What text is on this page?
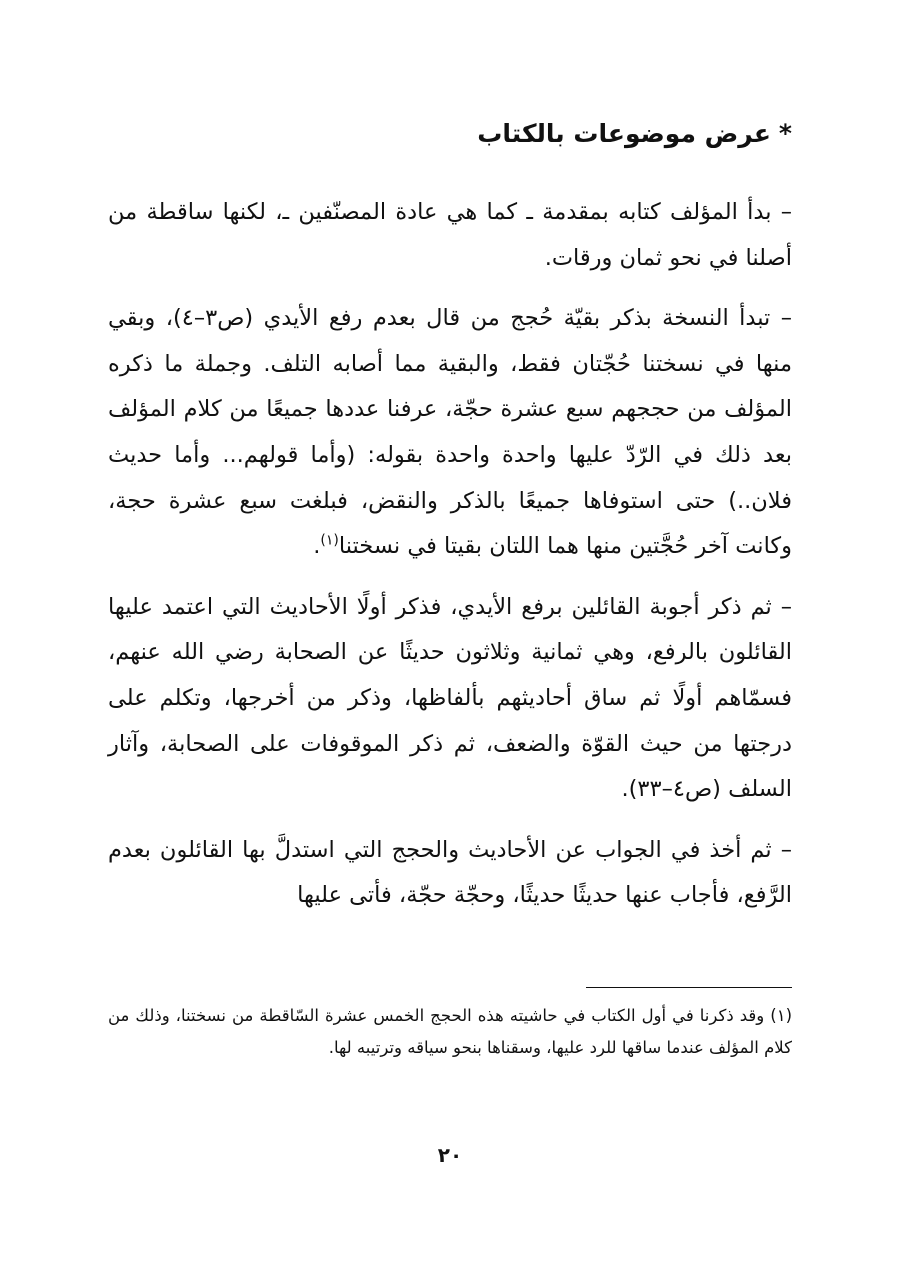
*عرض موضوعات بالكتاب

– بدأ المؤلف كتابه بمقدمة ـ كما هي عادة المصنّفين ـ، لكنها ساقطة من أصلنا في نحو ثمان ورقات.

– تبدأ النسخة بذكر بقيّة حُجج من قال بعدم رفع الأيدي (ص٣–٤)، وبقي منها في نسختنا حُجّتان فقط، والبقية مما أصابه التلف. وجملة ما ذكره المؤلف من حججهم سبع عشرة حجّة، عرفنا عددها جميعًا من كلام المؤلف بعد ذلك في الرّدّ عليها واحدة واحدة بقوله: (وأما قولهم... وأما حديث فلان..) حتى استوفاها جميعًا بالذكر والنقض، فبلغت سبع عشرة حجة، وكانت آخر حُجَّتين منها هما اللتان بقيتا في نسختنا$^{(١)}$.

– ثم ذكر أجوبة القائلين برفع الأيدي، فذكر أولًا الأحاديث التي اعتمد عليها القائلون بالرفع، وهي ثمانية وثلاثون حديثًا عن الصحابة رضي الله عنهم، فسمّاهم أولًا ثم ساق أحاديثهم بألفاظها، وذكر من أخرجها، وتكلم على درجتها من حيث القوّة والضعف، ثم ذكر الموقوفات على الصحابة، وآثار السلف (ص٤–٣٣).

– ثم أخذ في الجواب عن الأحاديث والحجج التي استدلَّ بها القائلون بعدم الرَّفع، فأجاب عنها حديثًا حديثًا، وحجّة حجّة، فأتى عليها

(١) وقد ذكرنا في أول الكتاب في حاشيته هذه الحجج الخمس عشرة السّاقطة من نسختنا، وذلك من كلام المؤلف عندما ساقها للرد عليها، وسقناها بنحو سياقه وترتيبه لها.

٢٠
